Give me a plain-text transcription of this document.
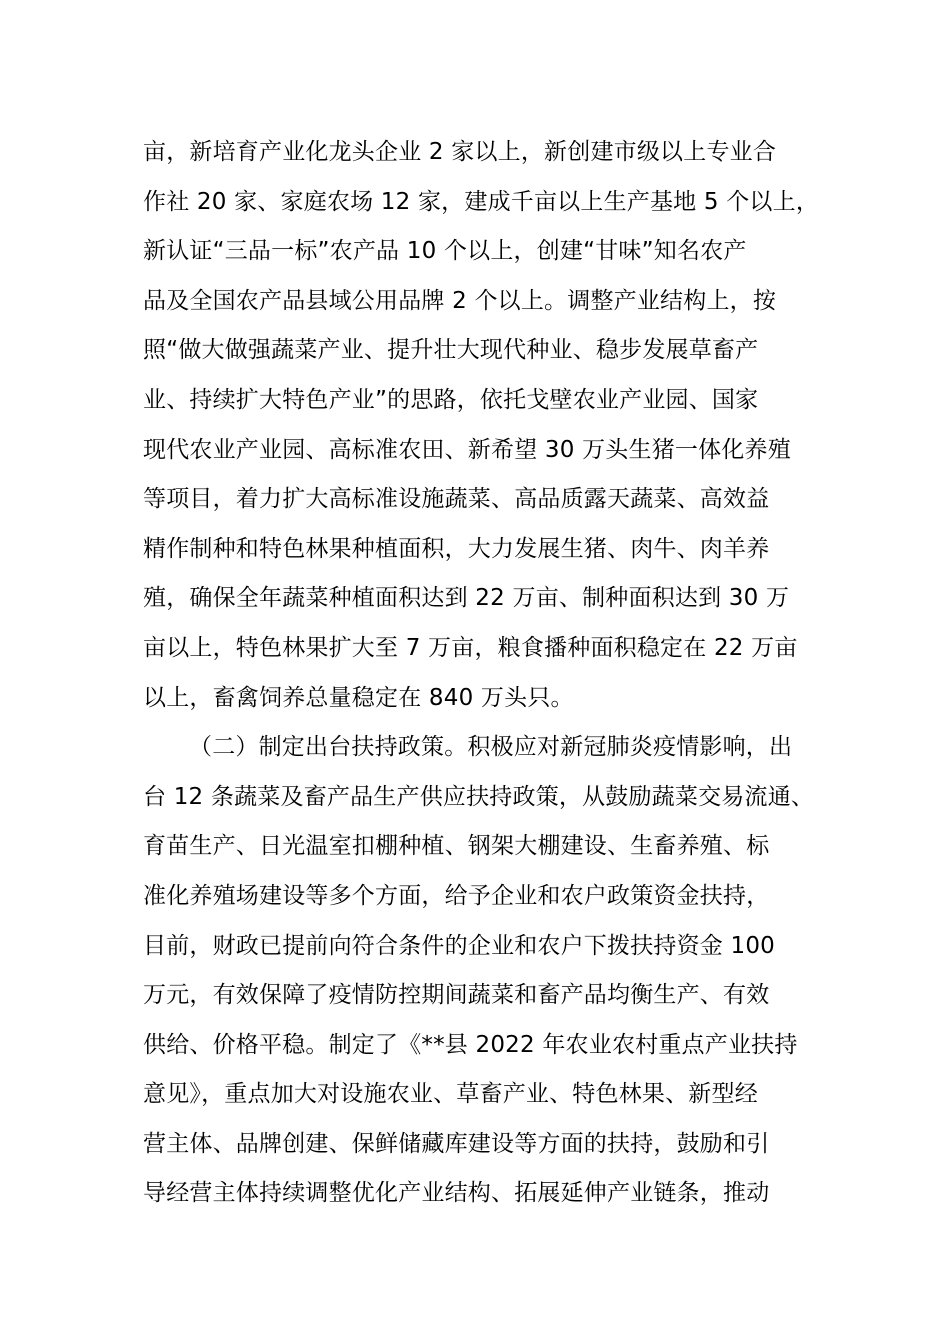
亩，新培育产业化龙头企业 2 家以上，新创建市级以上专业合
作社 20 家、家庭农场 12 家，建成千亩以上生产基地 5 个以上，
新认证“三品一标”农产品 10 个以上，创建“甘味”知名农产
品及全国农产品县域公用品牌 2 个以上。调整产业结构上，按
照“做大做强蔬菜产业、提升壮大现代种业、稳步发展草畜产
业、持续扩大特色产业”的思路，依托戈壁农业产业园、国家
现代农业产业园、高标准农田、新希望 30 万头生猪一体化养殖
等项目，着力扩大高标准设施蔬菜、高品质露天蔬菜、高效益
精作制种和特色林果种植面积，大力发展生猪、肉牛、肉羊养
殖，确保全年蔬菜种植面积达到 22 万亩、制种面积达到 30 万
亩以上，特色林果扩大至 7 万亩，粮食播种面积稳定在 22 万亩
以上，畜禽饲养总量稳定在 840 万头只。
（二）制定出台扶持政策。积极应对新冠肺炎疫情影响，出
台 12 条蔬菜及畜产品生产供应扶持政策，从鼓励蔬菜交易流通、
育苗生产、日光温室扣棚种植、钢架大棚建设、生畜养殖、标
准化养殖场建设等多个方面，给予企业和农户政策资金扶持，
目前，财政已提前向符合条件的企业和农户下拨扶持资金 100
万元，有效保障了疫情防控期间蔬菜和畜产品均衡生产、有效
供给、价格平稳。制定了《**县 2022 年农业农村重点产业扶持
意见》，重点加大对设施农业、草畜产业、特色林果、新型经
营主体、品牌创建、保鲜储藏库建设等方面的扶持，鼓励和引
导经营主体持续调整优化产业结构、拓展延伸产业链条，推动
